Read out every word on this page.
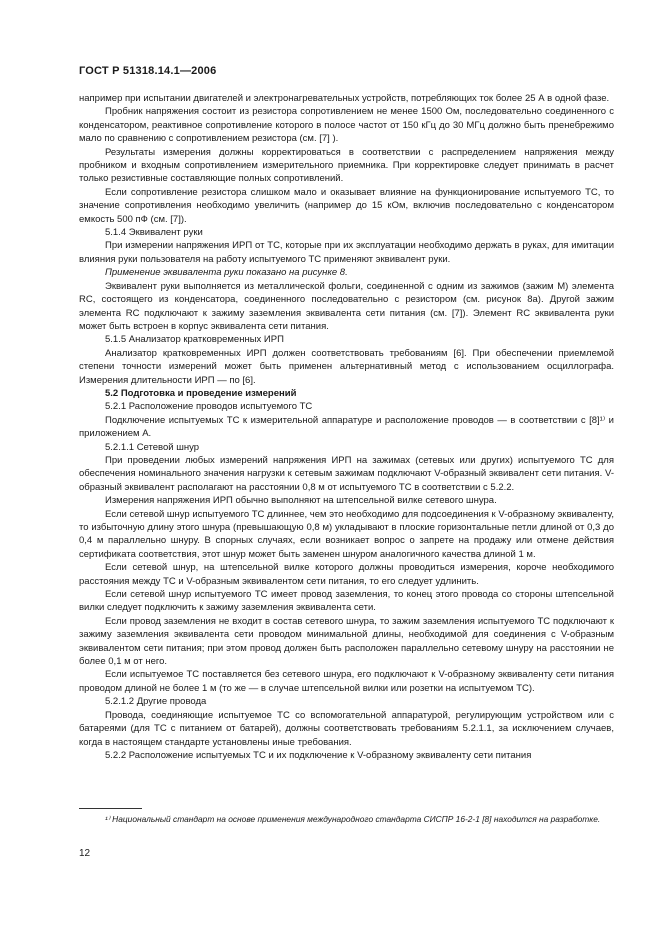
ГОСТ Р 51318.14.1—2006

например при испытании двигателей и электронагревательных устройств, потребляющих ток более 25 А в одной фазе.

Пробник напряжения состоит из резистора сопротивлением не менее 1500 Ом, последовательно соединенного с конденсатором, реактивное сопротивление которого в полосе частот от 150 кГц до 30 МГц должно быть пренебрежимо мало по сравнению с сопротивлением резистора (см. [7] ).

Результаты измерения должны корректироваться в соответствии с распределением напряжения между пробником и входным сопротивлением измерительного приемника. При корректировке следует принимать в расчет только резистивные составляющие полных сопротивлений.

Если сопротивление резистора слишком мало и оказывает влияние на функционирование испытуемого ТС, то значение сопротивления необходимо увеличить (например до 15 кОм, включив последовательно с конденсатором емкость 500 пФ (см. [7]).

5.1.4 Эквивалент руки

При измерении напряжения ИРП от ТС, которые при их эксплуатации необходимо держать в руках, для имитации влияния руки пользователя на работу испытуемого ТС применяют эквивалент руки.

Применение эквивалента руки показано на рисунке 8.

Эквивалент руки выполняется из металлической фольги, соединенной с одним из зажимов (зажим М) элемента RC, состоящего из конденсатора, соединенного последовательно с резистором (см. рисунок 8а). Другой зажим элемента RC подключают к зажиму заземления эквивалента сети питания (см. [7]). Элемент RC эквивалента руки может быть встроен в корпус эквивалента сети питания.

5.1.5 Анализатор кратковременных ИРП

Анализатор кратковременных ИРП должен соответствовать требованиям [6]. При обеспечении приемлемой степени точности измерений может быть применен альтернативный метод с использованием осциллографа. Измерения длительности ИРП — по [6].

5.2 Подготовка и проведение измерений

5.2.1 Расположение проводов испытуемого ТС

Подключение испытуемых ТС к измерительной аппаратуре и расположение проводов — в соответствии с [8]¹⁾ и приложением А.

5.2.1.1 Сетевой шнур

При проведении любых измерений напряжения ИРП на зажимах (сетевых или других) испытуемого ТС для обеспечения номинального значения нагрузки к сетевым зажимам подключают V-образный эквивалент сети питания. V-образный эквивалент располагают на расстоянии 0,8 м от испытуемого ТС в соответствии с 5.2.2.

Измерения напряжения ИРП обычно выполняют на штепсельной вилке сетевого шнура.

Если сетевой шнур испытуемого ТС длиннее, чем это необходимо для подсоединения к V-образному эквиваленту, то избыточную длину этого шнура (превышающую 0,8 м) укладывают в плоские горизонтальные петли длиной от 0,3 до 0,4 м параллельно шнуру. В спорных случаях, если возникает вопрос о запрете на продажу или отмене действия сертификата соответствия, этот шнур может быть заменен шнуром аналогичного качества длиной 1 м.

Если сетевой шнур, на штепсельной вилке которого должны проводиться измерения, короче необходимого расстояния между ТС и V-образным эквивалентом сети питания, то его следует удлинить.

Если сетевой шнур испытуемого ТС имеет провод заземления, то конец этого провода со стороны штепсельной вилки следует подключить к зажиму заземления эквивалента сети.

Если провод заземления не входит в состав сетевого шнура, то зажим заземления испытуемого ТС подключают к зажиму заземления эквивалента сети проводом минимальной длины, необходимой для соединения с V-образным эквивалентом сети питания; при этом провод должен быть расположен параллельно сетевому шнуру на расстоянии не более 0,1 м от него.

Если испытуемое ТС поставляется без сетевого шнура, его подключают к V-образному эквиваленту сети питания проводом длиной не более 1 м (то же — в случае штепсельной вилки или розетки на испытуемом ТС).

5.2.1.2 Другие провода

Провода, соединяющие испытуемое ТС со вспомогательной аппаратурой, регулирующим устройством или с батареями (для ТС с питанием от батарей), должны соответствовать требованиям 5.2.1.1, за исключением случаев, когда в настоящем стандарте установлены иные требования.

5.2.2 Расположение испытуемых ТС и их подключение к V-образному эквиваленту сети питания

¹⁾ Национальный стандарт на основе применения международного стандарта СИСПР 16-2-1 [8] находится на разработке.
12
